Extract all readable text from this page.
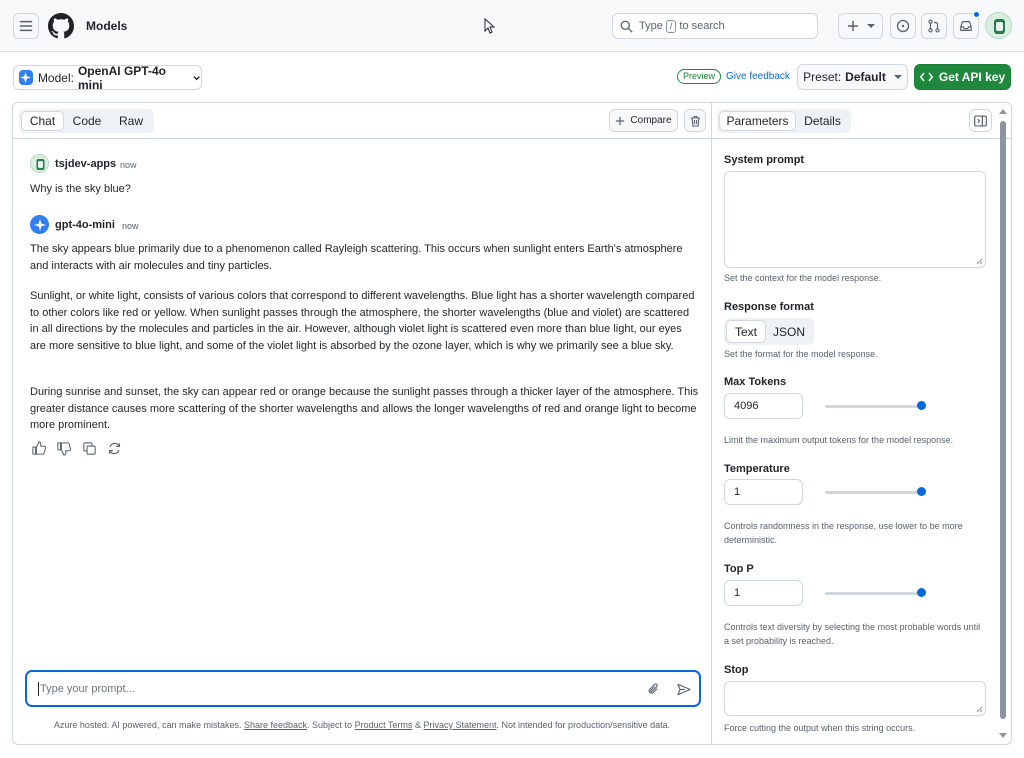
Models	Type / to search
Model: OpenAI GPT-4o mini
Preview	Give feedback Preset: Default	Get API key
Chat	Code	Raw	Compare
tsjdev-apps now
Why is the sky blue?
gpt-4o-mini now
The sky appears blue primarily due to a phenomenon called Rayleigh scattering. This occurs when sunlight enters Earth's atmosphere and interacts with air molecules and tiny particles.
Sunlight, or white light, consists of various colors that correspond to different wavelengths. Blue light has a shorter wavelength compared to other colors like red or yellow. When sunlight passes through the atmosphere, the shorter wavelengths (blue and violet) are scattered in all directions by the molecules and particles in the air. However, although violet light is scattered even more than blue light, our eyes are more sensitive to blue light, and some of the violet light is absorbed by the ozone layer, which is why we primarily see a blue sky.
During sunrise and sunset, the sky can appear red or orange because the sunlight passes through a thicker layer of the atmosphere. This greater distance causes more scattering of the shorter wavelengths and allows the longer wavelengths of red and orange light to become more prominent.
Type your prompt...
Azure hosted. AI powered, can make mistakes. Share feedback. Subject to Product Terms & Privacy Statement. Not intended for production/sensitive data.
Parameters	Details
System prompt
Set the context for the model response.
Response format
Text	JSON
Set the format for the model response.
Max Tokens
4096
Limit the maximum output tokens for the model response.
Temperature
1
Controls randomness in the response, use lower to be more deterministic.
Top P
1
Controls text diversity by selecting the most probable words until a set probability is reached.
Stop
Force cutting the output when this string occurs.
